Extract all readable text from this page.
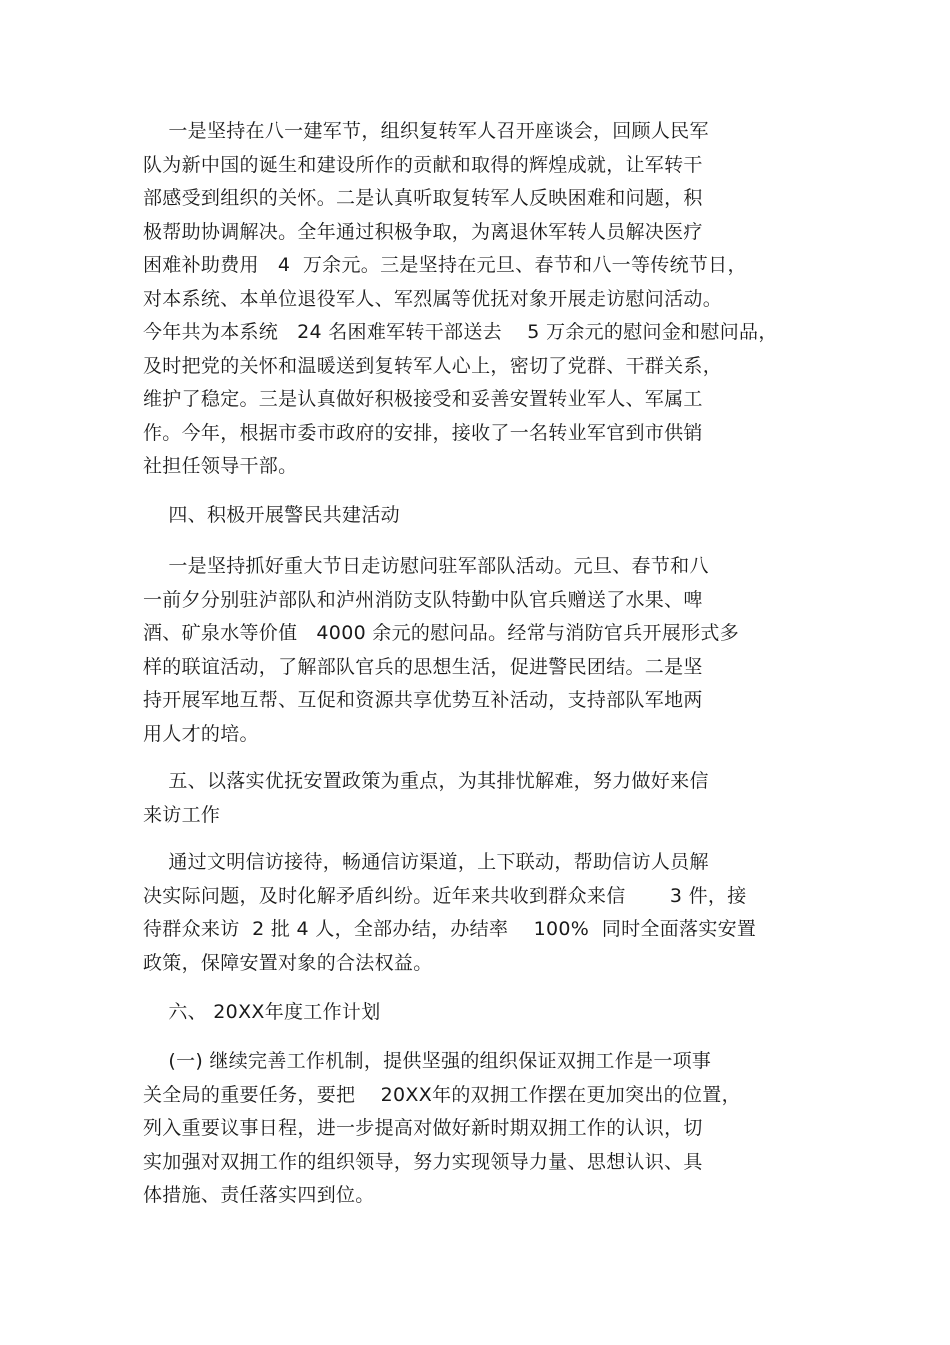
一是坚持在八一建军节，组织复转军人召开座谈会，回顾人民军
队为新中国的诞生和建设所作的贡献和取得的辉煌成就，让军转干
部感受到组织的关怀。二是认真听取复转军人反映困难和问题，积
极帮助协调解决。全年通过积极争取，为离退休军转人员解决医疗
困难补助费用   4  万余元。三是坚持在元旦、春节和八一等传统节日，
对本系统、本单位退役军人、军烈属等优抚对象开展走访慰问活动。
今年共为本系统   24 名困难军转干部送去    5 万余元的慰问金和慰问品，
及时把党的关怀和温暖送到复转军人心上，密切了党群、干群关系，
维护了稳定。三是认真做好积极接受和妥善安置转业军人、军属工
作。今年，根据市委市政府的安排，接收了一名转业军官到市供销
社担任领导干部。
四、积极开展警民共建活动
一是坚持抓好重大节日走访慰问驻军部队活动。元旦、春节和八
一前夕分别驻泸部队和泸州消防支队特勤中队官兵赠送了水果、啤
酒、矿泉水等价值   4000 余元的慰问品。经常与消防官兵开展形式多
样的联谊活动，了解部队官兵的思想生活，促进警民团结。二是坚
持开展军地互帮、互促和资源共享优势互补活动，支持部队军地两
用人才的培。
五、以落实优抚安置政策为重点，为其排忧解难，努力做好来信
来访工作
通过文明信访接待，畅通信访渠道，上下联动，帮助信访人员解
决实际问题，及时化解矛盾纠纷。近年来共收到群众来信       3 件，接
待群众来访  2 批 4 人，全部办结，办结率    100%  同时全面落实安置
政策，保障安置对象的合法权益。
六、 20XX年度工作计划
(一) 继续完善工作机制，提供坚强的组织保证双拥工作是一项事
关全局的重要任务，要把    20XX年的双拥工作摆在更加突出的位置，
列入重要议事日程，进一步提高对做好新时期双拥工作的认识，切
实加强对双拥工作的组织领导，努力实现领导力量、思想认识、具
体措施、责任落实四到位。
